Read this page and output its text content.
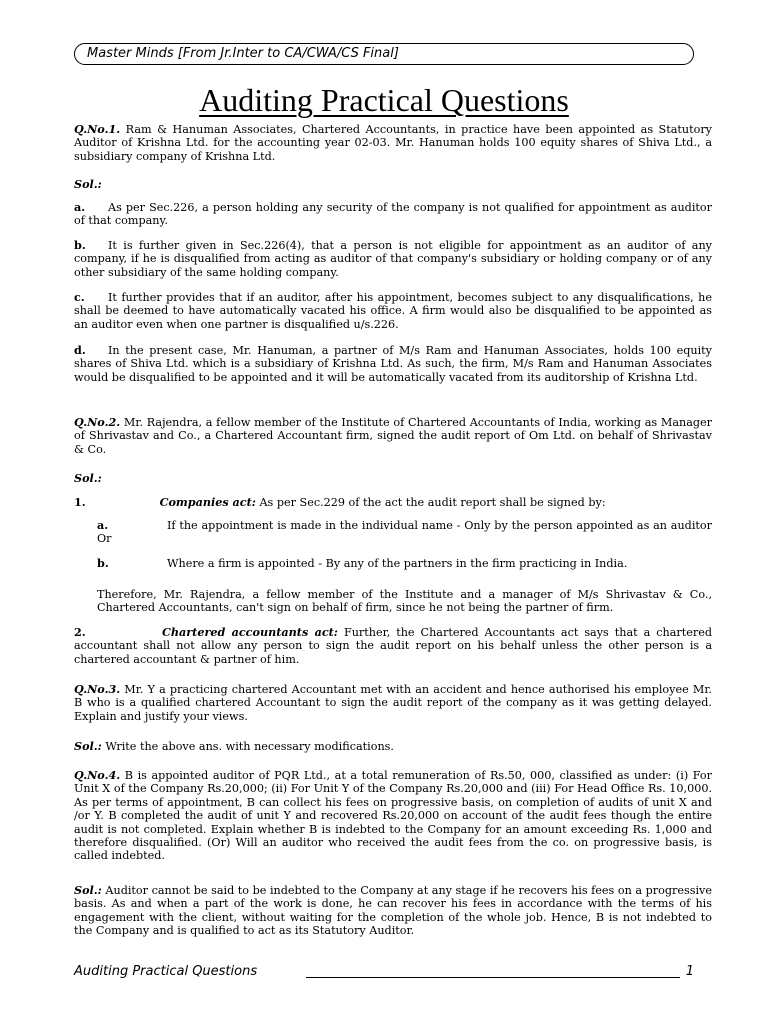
Master Minds [From Jr.Inter to CA/CWA/CS Final]
Auditing Practical Questions
Q.No.1. Ram & Hanuman Associates, Chartered Accountants, in practice have been appointed as Statutory Auditor of Krishna Ltd. for the accounting year 02-03. Mr. Hanuman holds 100 equity shares of Shiva Ltd., a subsidiary company of Krishna Ltd.
Sol.:
a. As per Sec.226, a person holding any security of the company is not qualified for appointment as auditor of that company.
b. It is further given in Sec.226(4), that a person is not eligible for appointment as an auditor of any company, if he is disqualified from acting as auditor of that company's subsidiary or holding company or of any other subsidiary of the same holding company.
c. It further provides that if an auditor, after his appointment, becomes subject to any disqualifications, he shall be deemed to have automatically vacated his office. A firm would also be disqualified to be appointed as an auditor even when one partner is disqualified u/s.226.
d. In the present case, Mr. Hanuman, a partner of M/s Ram and Hanuman Associates, holds 100 equity shares of Shiva Ltd. which is a subsidiary of Krishna Ltd. As such, the firm, M/s Ram and Hanuman Associates would be disqualified to be appointed and it will be automatically vacated from its auditorship of Krishna Ltd.
Q.No.2. Mr. Rajendra, a fellow member of the Institute of Chartered Accountants of India, working as Manager of Shrivastav and Co., a Chartered Accountant firm, signed the audit report of Om Ltd. on behalf of Shrivastav & Co.
Sol.:
1.	Companies act: As per Sec.229 of the act the audit report shall be signed by:
a.	If the appointment is made in the individual name - Only by the person appointed as an auditor Or
b.	Where a firm is appointed - By any of the partners in the firm practicing in India.
Therefore, Mr. Rajendra, a fellow member of the Institute and a manager of M/s Shrivastav & Co., Chartered Accountants, can't sign on behalf of firm, since he not being the partner of firm.
2.	Chartered accountants act: Further, the Chartered Accountants act says that a chartered accountant shall not allow any person to sign the audit report on his behalf unless the other person is a chartered accountant & partner of him.
Q.No.3. Mr. Y a practicing chartered Accountant met with an accident and hence authorised his employee Mr. B who is a qualified chartered Accountant to sign the audit report of the company as it was getting delayed. Explain and justify your views.
Sol.: Write the above ans. with necessary modifications.
Q.No.4. B is appointed auditor of PQR Ltd., at a total remuneration of Rs.50, 000, classified as under: (i) For Unit X of the Company Rs.20,000; (ii) For Unit Y of the Company Rs.20,000 and (iii) For Head Office Rs. 10,000. As per terms of appointment, B can collect his fees on progressive basis, on completion of audits of unit X and /or Y. B completed the audit of unit Y and recovered Rs.20,000 on account of the audit fees though the entire audit is not completed. Explain whether B is indebted to the Company for an amount exceeding Rs. 1,000 and therefore disqualified. (Or) Will an auditor who received the audit fees from the co. on progressive basis, is called indebted.
Sol.: Auditor cannot be said to be indebted to the Company at any stage if he recovers his fees on a progressive basis. As and when a part of the work is done, he can recover his fees in accordance with the terms of his engagement with the client, without waiting for the completion of the whole job. Hence, B is not indebted to the Company and is qualified to act as its Statutory Auditor.
Auditing Practical Questions	1
